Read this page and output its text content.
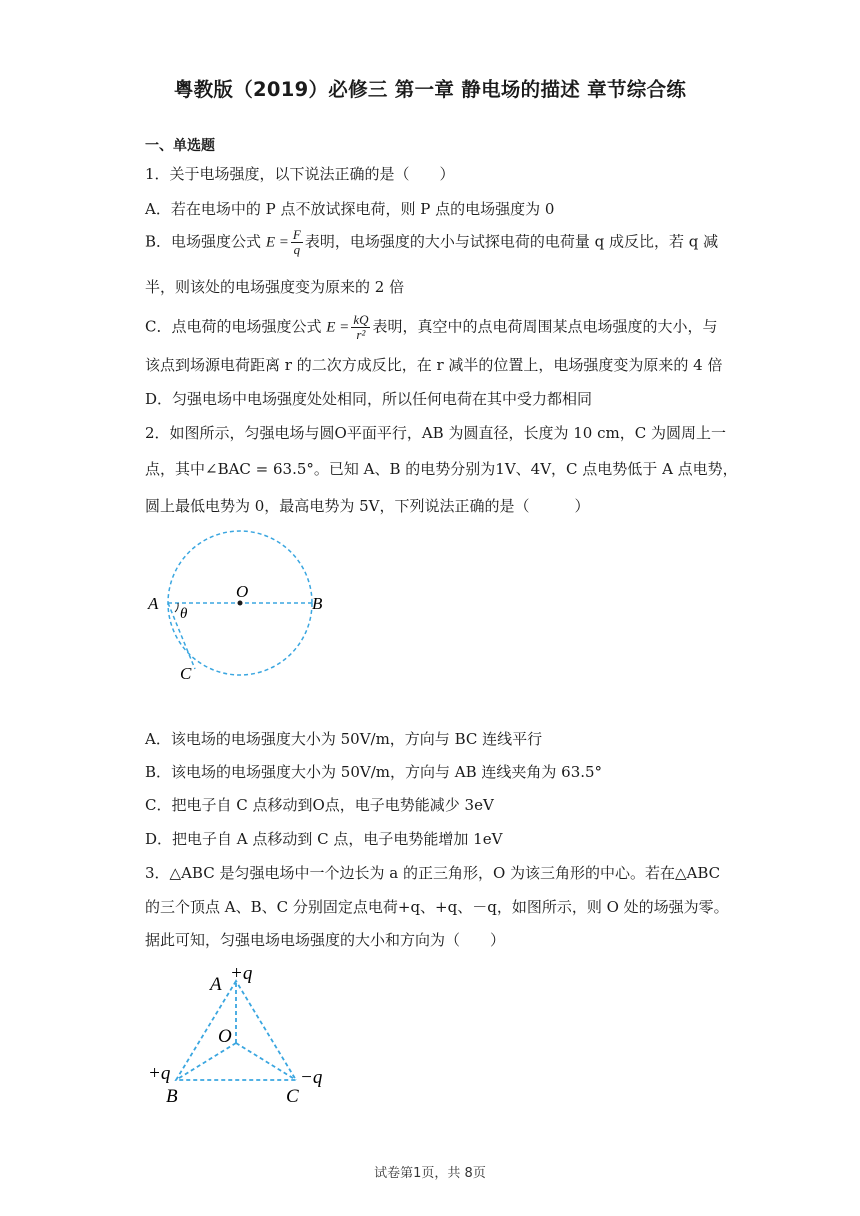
粤教版（2019）必修三 第一章 静电场的描述 章节综合练
一、单选题
1．关于电场强度，以下说法正确的是（　　）
A．若在电场中的 P 点不放试探电荷，则 P 点的电场强度为 0
B．电场强度公式 $E = \frac{F}{q}$ 表明，电场强度的大小与试探电荷的电荷量 q 成反比，若 q 减
半，则该处的电场强度变为原来的 2 倍
C．点电荷的电场强度公式 $E = \frac{kQ}{\text{r²}}$ 表明，真空中的点电荷周围某点电场强度的大小，与
该点到场源电荷距离 r 的二次方成反比，在 r 减半的位置上，电场强度变为原来的 4 倍
D．匀强电场中电场强度处处相同，所以任何电荷在其中受力都相同
2．如图所示，匀强电场与圆O平面平行，AB 为圆直径，长度为 10 cm，C 为圆周上一
点，其中∠BAC = 63.5°。已知 A、B 的电势分别为1V、4V，C 点电势低于 A 点电势，
圆上最低电势为 0，最高电势为 5V，下列说法正确的是（　　　）
A	B
O
C
θ
A．该电场的电场强度大小为 50V/m，方向与 BC 连线平行
B．该电场的电场强度大小为 50V/m，方向与 AB 连线夹角为 63.5°
C．把电子自 C 点移动到O点，电子电势能减少 3eV
D．把电子自 A 点移动到 C 点，电子电势能增加 1eV
3．△ABC 是匀强电场中一个边长为 a 的正三角形，O 为该三角形的中心。若在△ABC
的三个顶点 A、B、C 分别固定点电荷+q、+q、－q，如图所示，则 O 处的场强为零。
据此可知，匀强电场电场强度的大小和方向为（　　）
A
+q
O
+q
B
−q
C
试卷第1页，共 8页
